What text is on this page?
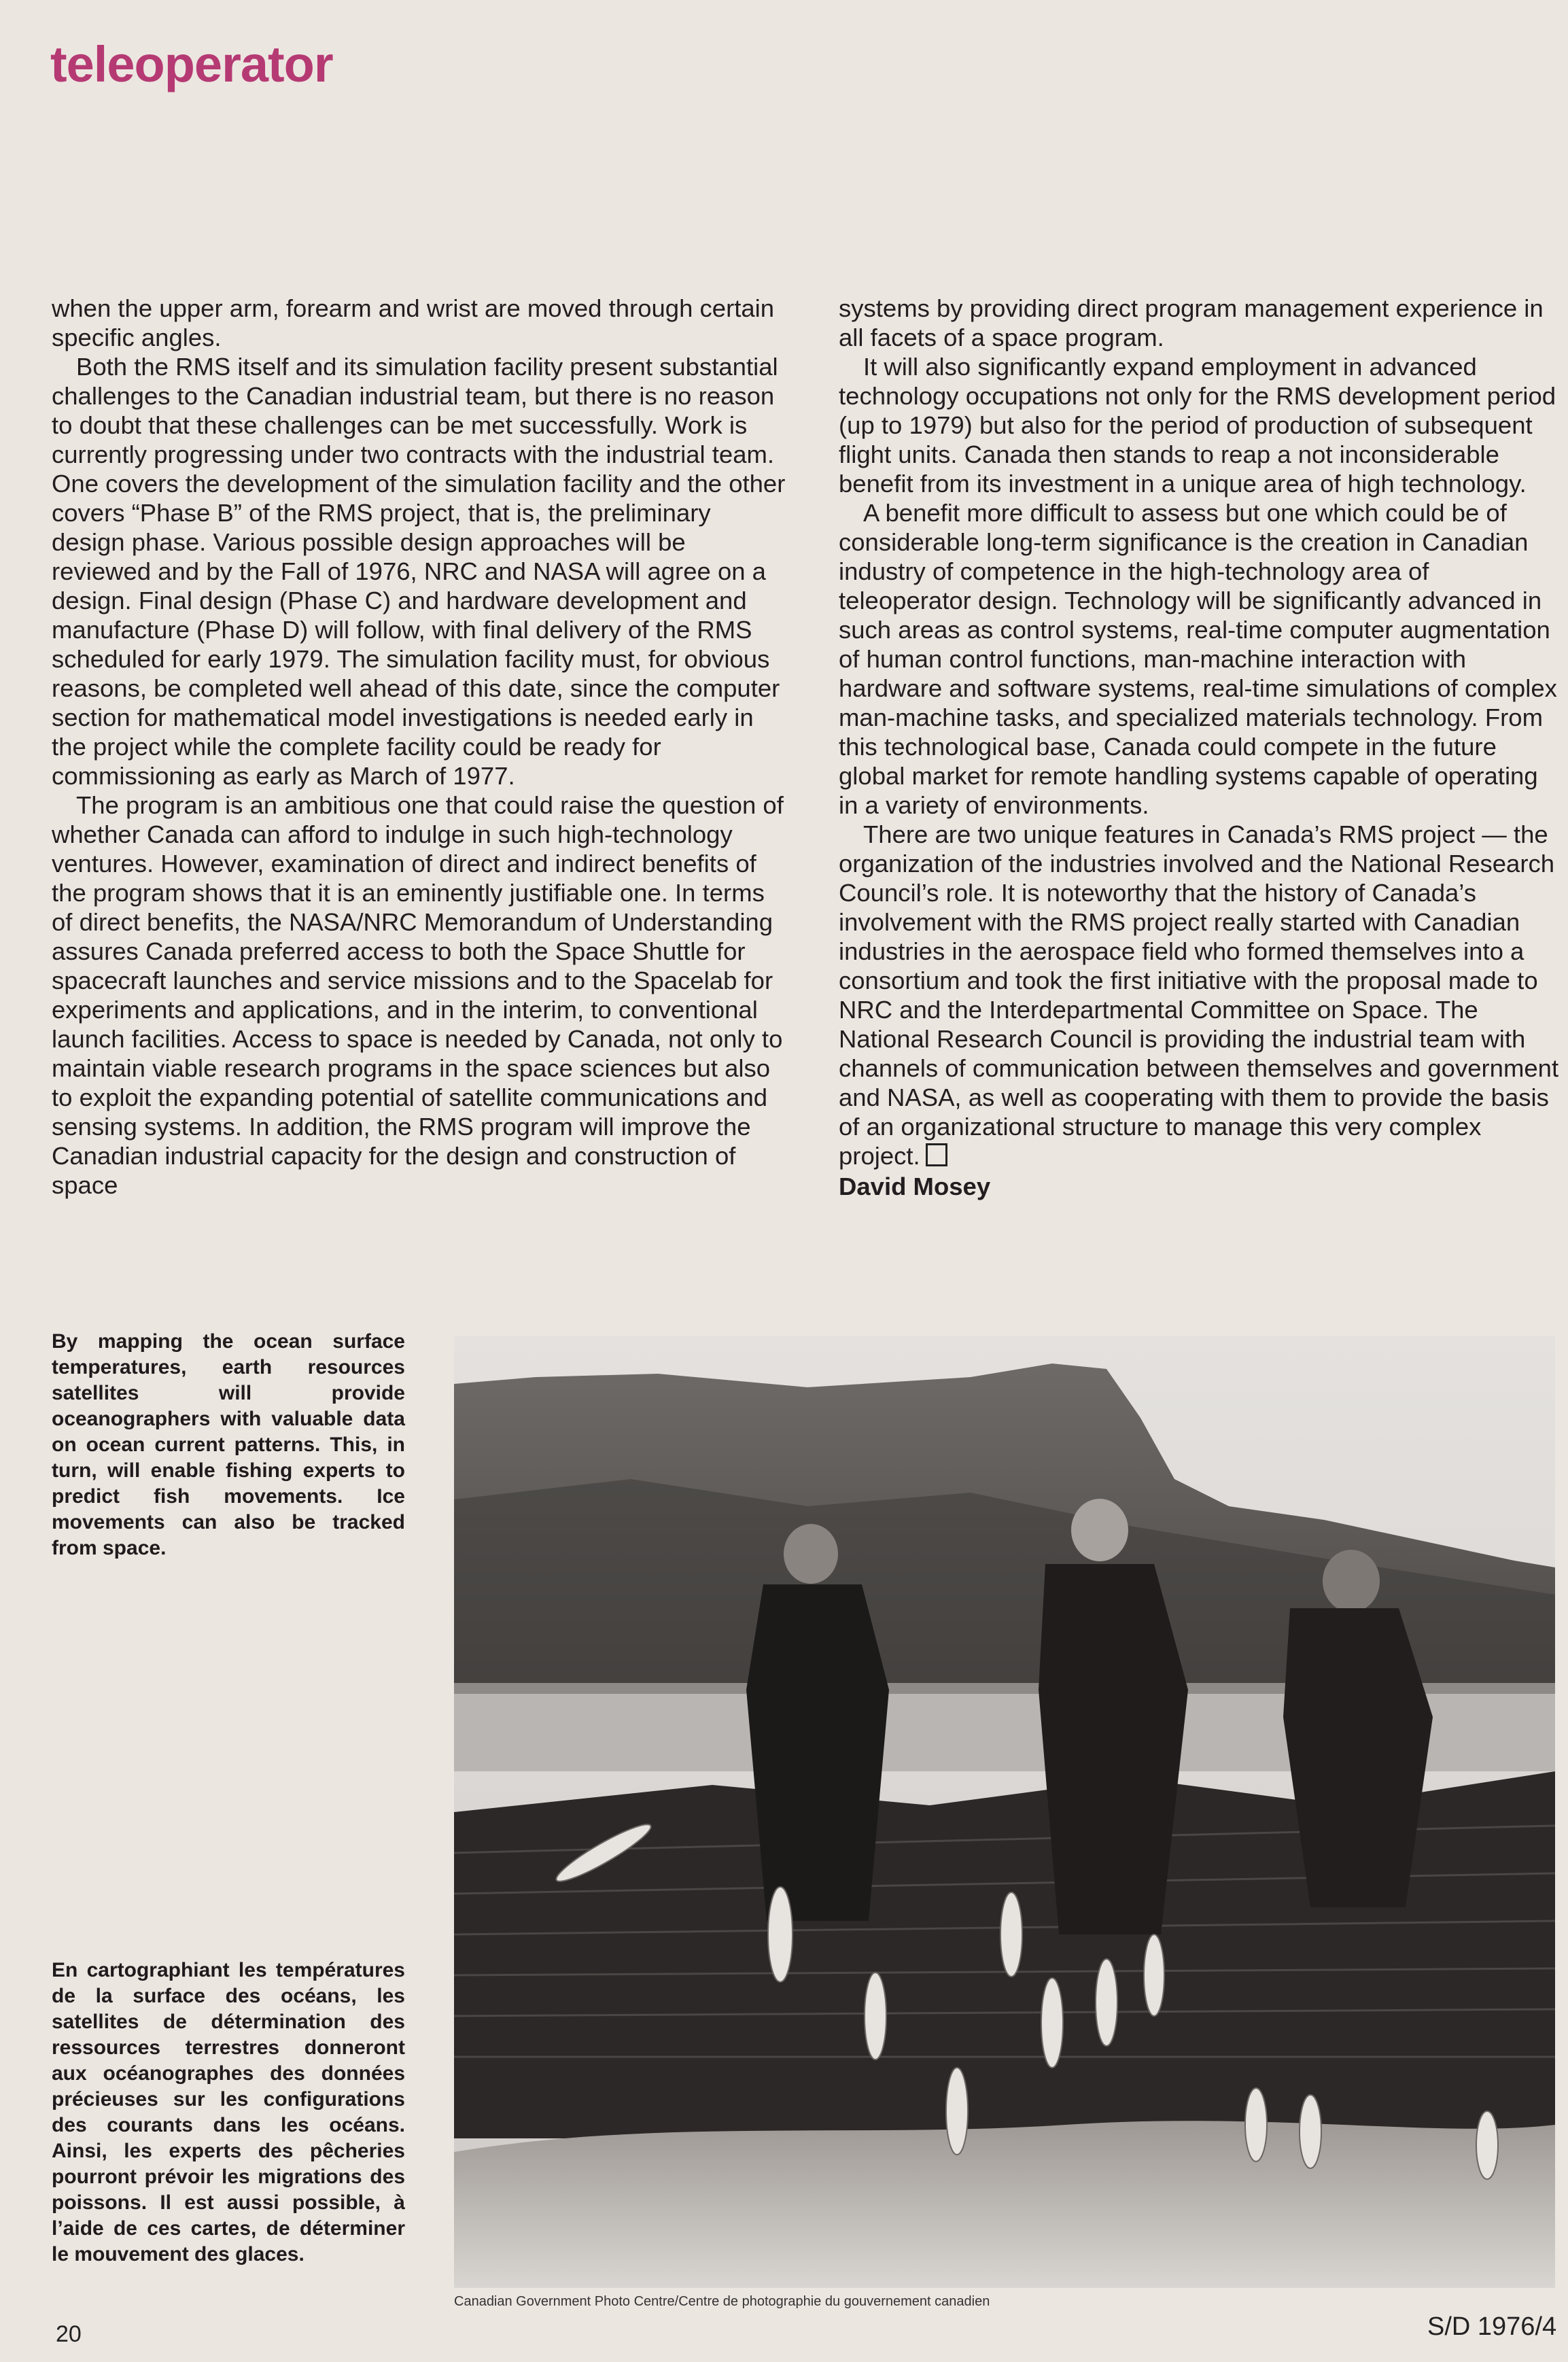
teleoperator

when the upper arm, forearm and wrist are moved through certain specific angles.

Both the RMS itself and its simulation facility present substantial challenges to the Canadian industrial team, but there is no reason to doubt that these challenges can be met successfully. Work is currently progressing under two contracts with the industrial team. One covers the development of the simulation facility and the other covers “Phase B” of the RMS project, that is, the preliminary design phase. Various possible design approaches will be reviewed and by the Fall of 1976, NRC and NASA will agree on a design. Final design (Phase C) and hardware development and manufacture (Phase D) will follow, with final delivery of the RMS scheduled for early 1979. The simulation facility must, for obvious reasons, be completed well ahead of this date, since the computer section for mathematical model investigations is needed early in the project while the complete facility could be ready for commissioning as early as March of 1977.

The program is an ambitious one that could raise the question of whether Canada can afford to indulge in such high-technology ventures. However, examination of direct and indirect benefits of the program shows that it is an eminently justifiable one. In terms of direct benefits, the NASA/NRC Memorandum of Understanding assures Canada preferred access to both the Space Shuttle for spacecraft launches and service missions and to the Spacelab for experiments and applications, and in the interim, to conventional launch facilities. Access to space is needed by Canada, not only to maintain viable research programs in the space sciences but also to exploit the expanding potential of satellite communications and sensing systems. In addition, the RMS program will improve the Canadian industrial capacity for the design and construction of space

systems by providing direct program management experience in all facets of a space program.

It will also significantly expand employment in advanced technology occupations not only for the RMS development period (up to 1979) but also for the period of production of subsequent flight units. Canada then stands to reap a not inconsiderable benefit from its investment in a unique area of high technology.

A benefit more difficult to assess but one which could be of considerable long-term significance is the creation in Canadian industry of competence in the high-technology area of teleoperator design. Technology will be significantly advanced in such areas as control systems, real-time computer augmentation of human control functions, man-machine interaction with hardware and software systems, real-time simulations of complex man-machine tasks, and specialized materials technology. From this technological base, Canada could compete in the future global market for remote handling systems capable of operating in a variety of environments.

There are two unique features in Canada’s RMS project — the organization of the industries involved and the National Research Council’s role. It is noteworthy that the history of Canada’s involvement with the RMS project really started with Canadian industries in the aerospace field who formed themselves into a consortium and took the first initiative with the proposal made to NRC and the Interdepartmental Committee on Space. The National Research Council is providing the industrial team with channels of communication between themselves and government and NASA, as well as cooperating with them to provide the basis of an organizational structure to manage this very complex project.

David Mosey
By mapping the ocean surface temperatures, earth resources satellites will provide oceanographers with valuable data on ocean current patterns. This, in turn, will enable fishing experts to predict fish movements. Ice movements can also be tracked from space.
En cartographiant les températures de la surface des océans, les satellites de détermination des ressources terrestres donneront aux océanographes des données précieuses sur les configurations des courants dans les océans. Ainsi, les experts des pêcheries pourront prévoir les migrations des poissons. Il est aussi possible, à l’aide de ces cartes, de déterminer le mouvement des glaces.
Canadian Government Photo Centre/Centre de photographie du gouvernement canadien
20	S/D 1976/4
